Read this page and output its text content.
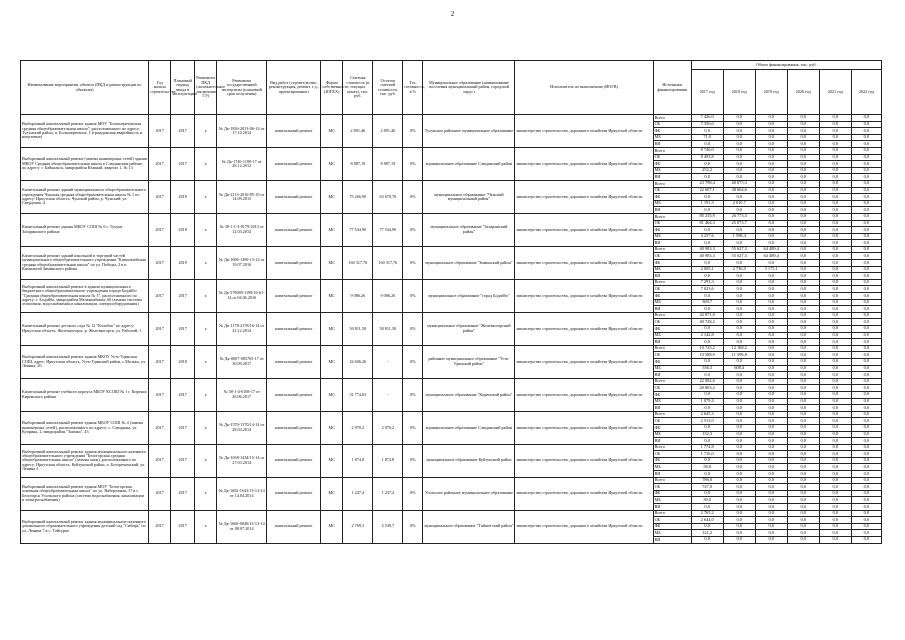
2
Наименование мероприятия, объекта (ПКД и реконструкции по объектам)	Год начала строительства	Плановый период ввода в эксплуатацию	Реквизиты ПКД (положительное заключение ГЭ)	Реквизиты государственной экспертизы (плановый срок получения)	Вид работ (строительство, реконструкция, ремонт, т.д., проектирование)	Форма собственности (ЮГКХ)	Сметная стоимость (в текущих ценах), тыс. руб.	Остаток сметной стоимости, тыс. руб.	Тех. готовность, в %	Муниципальное образование (наименование поселения муниципальный район, городской округ)	Исполнитель по выполнению (ИОГВ)	Источники финансирования	Объем финансирования, тыс. руб.					
													2017 год	2018 год	2019 год	2020 год	2021 год	2022 год
Выборочный капитальный ремонт здания МОУ "Большереченская средняя общеобразовательная школа", расположенного по адресу: Тулунский район, п. Большереченск, 1 (гражданская аварийность и нецелевые)	2017	2017	х	№ Дк-1836-2013-06-14 от 17.10.2014	капитальный ремонт	МС	2 891,46	2 891,46	0%	Тулунское районное муниципальное образование	министерство строительства, дорожного хозяйства Иркутской области	Всего	7 426,0	0,0	0,0	0,0	0,0	0,0
												ОБ	7 356,0	0,0	0,0	0,0	0,0	0,0
												ФБ	0,0	0,0	0,0	0,0	0,0	0,0
												МБ	71,0	0,0	0,0	0,0	0,0	0,0
												ВИ	0,0	0,0	0,0	0,0	0,0	0,0
Выборочный капитальный ремонт (замена инженерных сетей) здания МКОУ Средняя общеобразовательная школа в Слюдянском районе, по адресу: г. Байкальск, микрорайон Южный, квартал 1, № 13	2017	2017	х	№ Дк-1746-1190-17 от 28.12.2012	капитальный ремонт	МС	8 887,19	8 887,19	0%	муниципальное образование Слюдянский район	министерство строительства, дорожного хозяйства Иркутской области	Всего	8 746,0	0,0	0,0	0,0	0,0	0,0
												ОБ	8 493,8	0,0	0,0	0,0	0,0	0,0
												ФБ	0,0	0,0	0,0	0,0	0,0	0,0
												МБ	252,2	0,0	0,0	0,0	0,0	0,0
												ВИ	0,0	0,0	0,0	0,0	0,0	0,0
Капитальный ремонт зданий муниципального общеобразовательного учреждения Чунская средняя общеобразовательная школа № 1 по адресу: Иркутская область, Чунский район, р. Чунский, ул. Свердлова, 4	2017	2018	х	№ Дк-2113-2016-05-19 от 14.09.2015	капитальный ремонт	МС	75 266,90	63 670,76	0%	муниципальное образование "Чунский муниципальный район"	министерство строительства, дорожного хозяйства Иркутской области	Всего	23 798,4	40 075,3	0,0	0,0	0,0	0,0
												ОБ	22 607,1	38 664,6	0,0	0,0	0,0	0,0
												ФБ	0,0	0,0	0,0	0,0	0,0	0,0
												МБ	1 191,3	2 010,7	0,0	0,0	0,0	0,0
												ВИ	0,0	0,0	0,0	0,0	0,0	0,0
Капитальный ремонт здания МКОУ СОШ № 6 г. Тулуна Заларинского района	2017	2018	х	№ 38-1-1-3-0179-2013 от 12.03.2014	капитальный ремонт	МС	77 544,90	77 544,90	0%	муниципальное образование "Заларинский район"	министерство строительства, дорожного хозяйства Иркутской области	Всего	85 235,9	26 773,3	0,0	0,0	0,0	0,0
												ОБ	81 464,3	25 073,7	0,0	0,0	0,0	0,0
												ФБ	0,0	0,0	0,0	0,0	0,0	0,0
												МБ	4 257,6	1 598,4	0,0	0,0	0,0	0,0
												ВИ	0,0	0,0	0,0	0,0	0,0	0,0
Капитальный ремонт зданий школьной и торговой частей муниципального общеобразовательного учреждения "Кимильтейская средняя общеобразовательная школа" по ул. Победы, 2 в п. Кимильтей Зиминского района	2017	2019	х	№ Дк-1696-1490-13-14 от 19.07.2016	капитальный ремонт	МС	160 317,76	160 317,76	0%	муниципальное образование "Зиминский район"	министерство строительства, дорожного хозяйства Иркутской области	Всего	40 983,3	55 627,3	64 489,4	0,0	0,0	0,0
												ОБ	40 983,3	55 627,3	64 489,4	0,0	0,0	0,0
												ФБ	0,0	0,0	0,0	0,0	0,0	0,0
												МБ	2 005,1	2 736,9	3 175,1	0,0	0,0	0,0
												ВИ	0,0	0,0	0,0	0,0	0,0	0,0
Выборочный капитальный ремонт в здании муниципального бюджетного общеобразовательного учреждения города Бодайбо "Средняя общеобразовательная школа № 3", расположенного по адресу: г. Бодайбо, микрорайон Мелькомбинат, 60 (замена системы отопления, водоснабжения и канализации, электрооборудования)	2017	2017	х	№ Дк-579080-1198/16-61-14 от 04.06.2016	капитальный ремонт	МС	9 086,26	9 086,26	0%	муниципальное образование "город Бодайбо"	министерство строительства, дорожного хозяйства Иркутской области	Всего	7 293,3	0,0	0,0	0,0	0,0	0,0
												ОБ	7 023,6	0,0	0,0	0,0	0,0	0,0
												ФБ	0,0	0,0	0,0	0,0	0,0	0,0
												МБ	369,7	0,0	0,0	0,0	0,0	0,0
												ВИ	0,0	0,0	0,0	0,0	0,0	0,0
Капитальный ремонт детского сада № 12 "Колобок" по адресу: Иркутская область, Железногорск, р. Железногорск, ул. Рабочий, 1	2017	2017	х	№ Дк-1178-2178/16-14 от 22.12.2014	капитальный ремонт	МС	50 811,50	50 811,50	0%	муниципальное образование "Железногорский район"	министерство строительства, дорожного хозяйства Иркутской области	Всего	42 871,0	0,0	0,0	0,0	0,0	0,0
												ОБ	40 728,2	0,0	0,0	0,0	0,0	0,0
												ФБ	0,0	0,0	0,0	0,0	0,0	0,0
												МБ	2 142,8	0,0	0,0	0,0	0,0	0,0
												ВИ	0,0	0,0	0,0	0,0	0,0	0,0
Выборочный капитальный ремонт здания МКОУ Усть-Удинская СОШ, адрес: Иркутская область, Усть-Удинский район, с.Молька, ул. Ленина, 20	2017	2018	х	№ Дк-0007-005765-17 от 30.09.2017	капитальный ремонт	МС	22 606,26	-	0%	районное муниципальное образование "Усть-Удинский район"	министерство строительства, дорожного хозяйства Иркутской области	Всего	10 725,2	12 168,2	0,0	0,0	0,0	0,0
												ОБ	10 588,9	11 599,8	0,0	0,0	0,0	0,0
												ФБ	0,0	0,0	0,0	0,0	0,0	0,0
												МБ	536,3	608,4	0,0	0,0	0,0	0,0
												ВИ	0,0	0,0	0,0	0,0	0,0	0,0
Капитальный ремонт учебного корпуса МБОУ КСОШ № 1 г. Киренск Киренского района	2017	2017	х	№ 38-1-4-0108-17 от 26.06.2017	капитальный ремонт	МС	31 774,63	-	0%	муниципальное образование "Киренский район"	министерство строительства, дорожного хозяйства Иркутской области	Всего	22 082,6	0,0	0,0	0,0	0,0	0,0
												ОБ	20 803,2	0,0	0,0	0,0	0,0	0,0
												ФБ	0,0	0,0	0,0	0,0	0,0	0,0
												МБ	1 079,4	0,0	0,0	0,0	0,0	0,0
												ВИ	0,0	0,0	0,0	0,0	0,0	0,0
Выборочный капитальный ремонт здания МБОУ СОШ № 4 (замена инженерных сетей), расположенного по адресу: с. Слюдянка, ул. Куприна, 2, микрорайон "Заимка", 43	2017	2017	х	№ Дк-1570-1370/14-14 от 28.03.2014	капитальный ремонт	МС	2 970,2	2 970,2	0%	муниципальное образование Слюдянский район	министерство строительства, дорожного хозяйства Иркутской области	Всего	2 645,3	0,0	0,0	0,0	0,0	0,0
												ОБ	2 513,0	0,0	0,0	0,0	0,0	0,0
												ФБ	0,0	0,0	0,0	0,0	0,0	0,0
												МБ	132,3	0,0	0,0	0,0	0,0	0,0
												ВИ	0,0	0,0	0,0	0,0	0,0	0,0
Выборочный капитальный ремонт здания муниципального казенного общеобразовательного учреждения "Белогорская средняя общеобразовательная школа" (замена окон), расположенного по адресу: Иркутская область, Куйтунский район, п. Белоречинский, ул. Ленина 3	2017	2017	х	№ Дк-1658-1434/15-14 от 27.03.2014	капитальный ремонт	МС	1 874,8	1 874,8	0%	муниципальное образование Куйтунский район	министерство строительства, дорожного хозяйства Иркутской области	Всего	1 774,8	0,0	0,0	0,0	0,0	0,0
												ОБ	1 716,0	0,0	0,0	0,0	0,0	0,0
												ФБ	0,0	0,0	0,0	0,0	0,0	0,0
												МБ	58,8	0,0	0,0	0,0	0,0	0,0
												ВИ	0,0	0,0	0,0	0,0	0,0	0,0
Выборочный капитальный ремонт здания МОУ "Белогорская основная общеобразовательная школа" по ул. Набережная, 17 в с. Белогорск Усольского района (система водоснабжения, канализации и электроснабжения)	2017	2017	х	№ Дк-1602-1643/13-13-14 от 14.04.2014	капитальный ремонт	МС	1 247,4	1 247,4	0%	Усольское районное муниципальное образование	министерство строительства, дорожного хозяйства Иркутской области	Всего	786,0	0,0	0,0	0,0	0,0	0,0
												ОБ	747,0	0,0	0,0	0,0	0,0	0,0
												ФБ	0,0	0,0	0,0	0,0	0,0	0,0
												МБ	39,0	0,0	0,0	0,0	0,0	0,0
												ВИ	0,0	0,0	0,0	0,0	0,0	0,0
Выборочный капитальный ремонт здания муниципального казенного дошкольного образовательного учреждения детский сад "Сибирь" по ул. Ленина 7 в с. Тайтурка	2017	2017	х	№ Дк-1660-0040/13-13-14 от 08.07.2014	капитальный ремонт	МС	2 769,3	2 549,7	0%	муниципальное образование "Тайшетский район"	министерство строительства, дорожного хозяйства Иркутской области	Всего	2 765,2	0,0	0,0	0,0	0,0	0,0
												ОБ	2 644,0	0,0	0,0	0,0	0,0	0,0
												ФБ	0,0	0,0	0,0	0,0	0,0	0,0
												МБ	121,2	0,0	0,0	0,0	0,0	0,0
												ВИ	0,0	0,0	0,0	0,0	0,0	0,0
